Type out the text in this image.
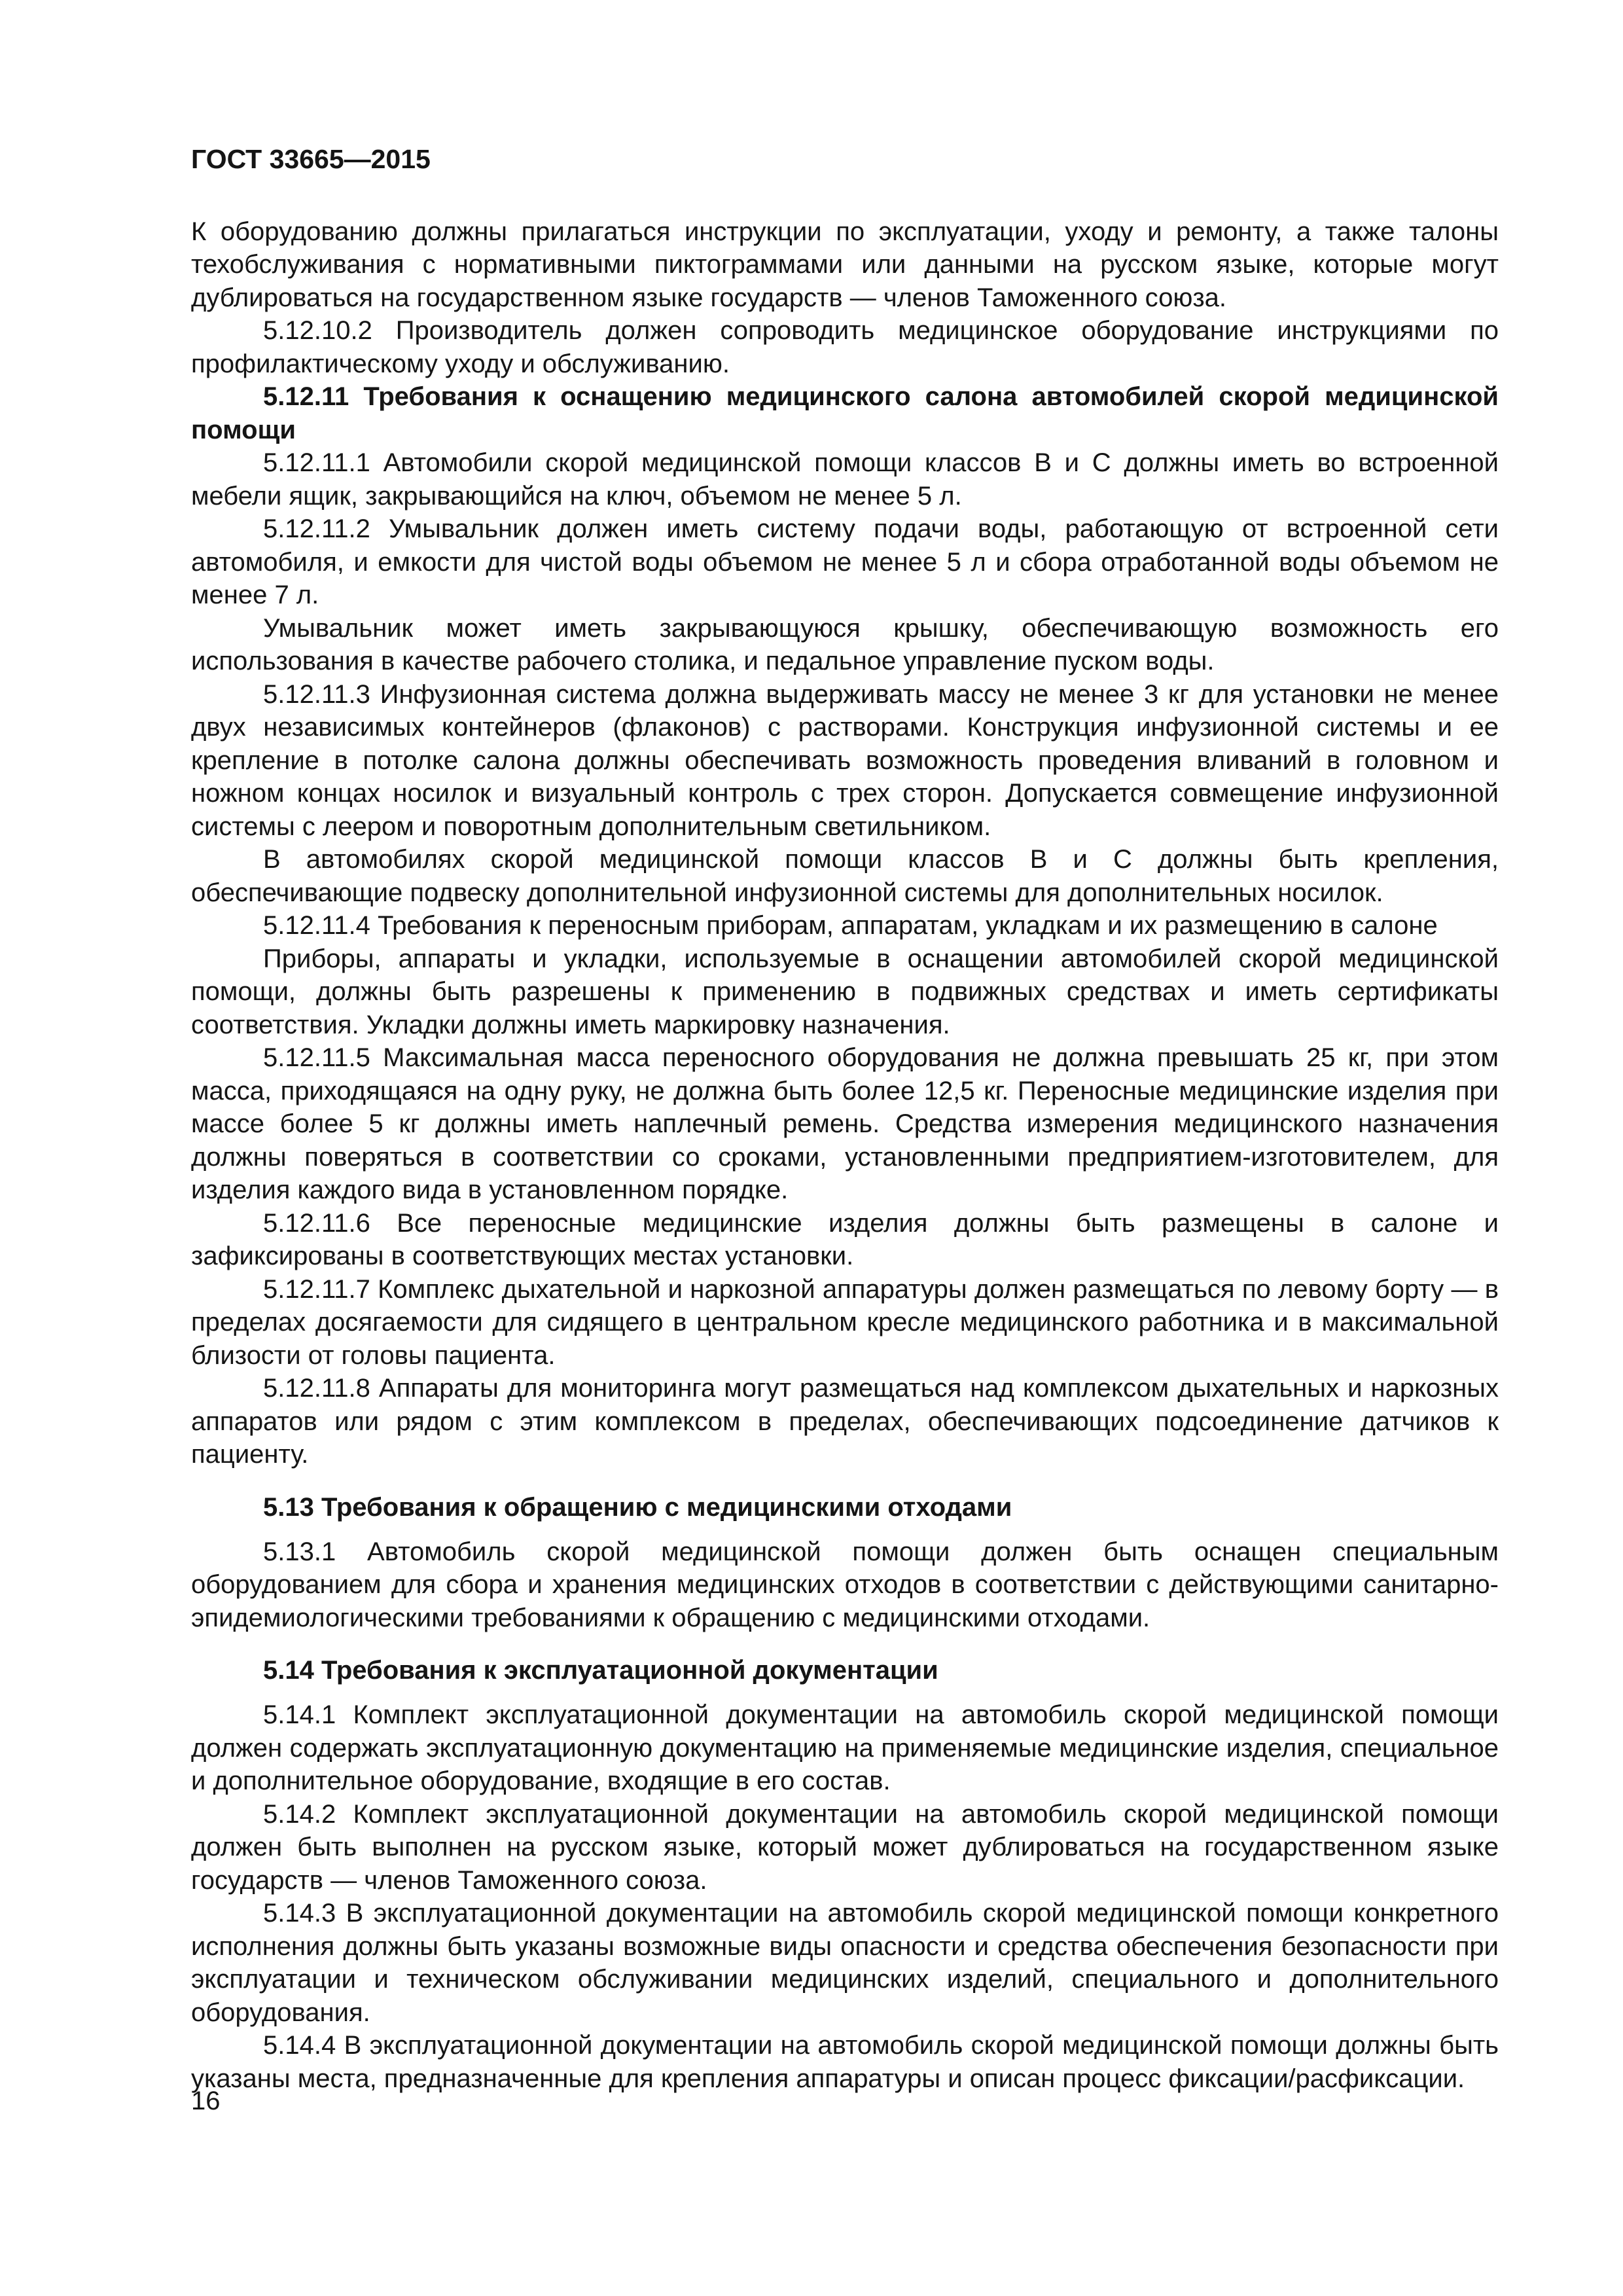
ГОСТ 33665—2015

К оборудованию должны прилагаться инструкции по эксплуатации, уходу и ремонту, а также талоны техобслуживания с нормативными пиктограммами или данными на русском языке, которые могут дублироваться на государственном языке государств — членов Таможенного союза.

5.12.10.2 Производитель должен сопроводить медицинское оборудование инструкциями по профилактическому уходу и обслуживанию.

5.12.11 Требования к оснащению медицинского салона автомобилей скорой медицинской помощи

5.12.11.1 Автомобили скорой медицинской помощи классов В и С должны иметь во встроенной мебели ящик, закрывающийся на ключ, объемом не менее 5 л.

5.12.11.2 Умывальник должен иметь систему подачи воды, работающую от встроенной сети автомобиля, и емкости для чистой воды объемом не менее 5 л и сбора отработанной воды объемом не менее 7 л.

Умывальник может иметь закрывающуюся крышку, обеспечивающую возможность его использования в качестве рабочего столика, и педальное управление пуском воды.

5.12.11.3 Инфузионная система должна выдерживать массу не менее 3 кг для установки не менее двух независимых контейнеров (флаконов) с растворами. Конструкция инфузионной системы и ее крепление в потолке салона должны обеспечивать возможность проведения вливаний в головном и ножном концах носилок и визуальный контроль с трех сторон. Допускается совмещение инфузионной системы с леером и поворотным дополнительным светильником.

В автомобилях скорой медицинской помощи классов В и С должны быть крепления, обеспечивающие подвеску дополнительной инфузионной системы для дополнительных носилок.

5.12.11.4 Требования к переносным приборам, аппаратам, укладкам и их размещению в салоне

Приборы, аппараты и укладки, используемые в оснащении автомобилей скорой медицинской помощи, должны быть разрешены к применению в подвижных средствах и иметь сертификаты соответствия. Укладки должны иметь маркировку назначения.

5.12.11.5 Максимальная масса переносного оборудования не должна превышать 25 кг, при этом масса, приходящаяся на одну руку, не должна быть более 12,5 кг. Переносные медицинские изделия при массе более 5 кг должны иметь наплечный ремень. Средства измерения медицинского назначения должны поверяться в соответствии со сроками, установленными предприятием-изготовителем, для изделия каждого вида в установленном порядке.

5.12.11.6 Все переносные медицинские изделия должны быть размещены в салоне и зафиксированы в соответствующих местах установки.

5.12.11.7 Комплекс дыхательной и наркозной аппаратуры должен размещаться по левому борту — в пределах досягаемости для сидящего в центральном кресле медицинского работника и в максимальной близости от головы пациента.

5.12.11.8 Аппараты для мониторинга могут размещаться над комплексом дыхательных и наркозных аппаратов или рядом с этим комплексом в пределах, обеспечивающих подсоединение датчиков к пациенту.

5.13 Требования к обращению с медицинскими отходами

5.13.1 Автомобиль скорой медицинской помощи должен быть оснащен специальным оборудованием для сбора и хранения медицинских отходов в соответствии с действующими санитарно-эпидемиологическими требованиями к обращению с медицинскими отходами.

5.14 Требования к эксплуатационной документации

5.14.1 Комплект эксплуатационной документации на автомобиль скорой медицинской помощи должен содержать эксплуатационную документацию на применяемые медицинские изделия, специальное и дополнительное оборудование, входящие в его состав.

5.14.2 Комплект эксплуатационной документации на автомобиль скорой медицинской помощи должен быть выполнен на русском языке, который может дублироваться на государственном языке государств — членов Таможенного союза.

5.14.3 В эксплуатационной документации на автомобиль скорой медицинской помощи конкретного исполнения должны быть указаны возможные виды опасности и средства обеспечения безопасности при эксплуатации и техническом обслуживании медицинских изделий, специального и дополнительного оборудования.

5.14.4 В эксплуатационной документации на автомобиль скорой медицинской помощи должны быть указаны места, предназначенные для крепления аппаратуры и описан процесс фиксации/расфиксации.

16
